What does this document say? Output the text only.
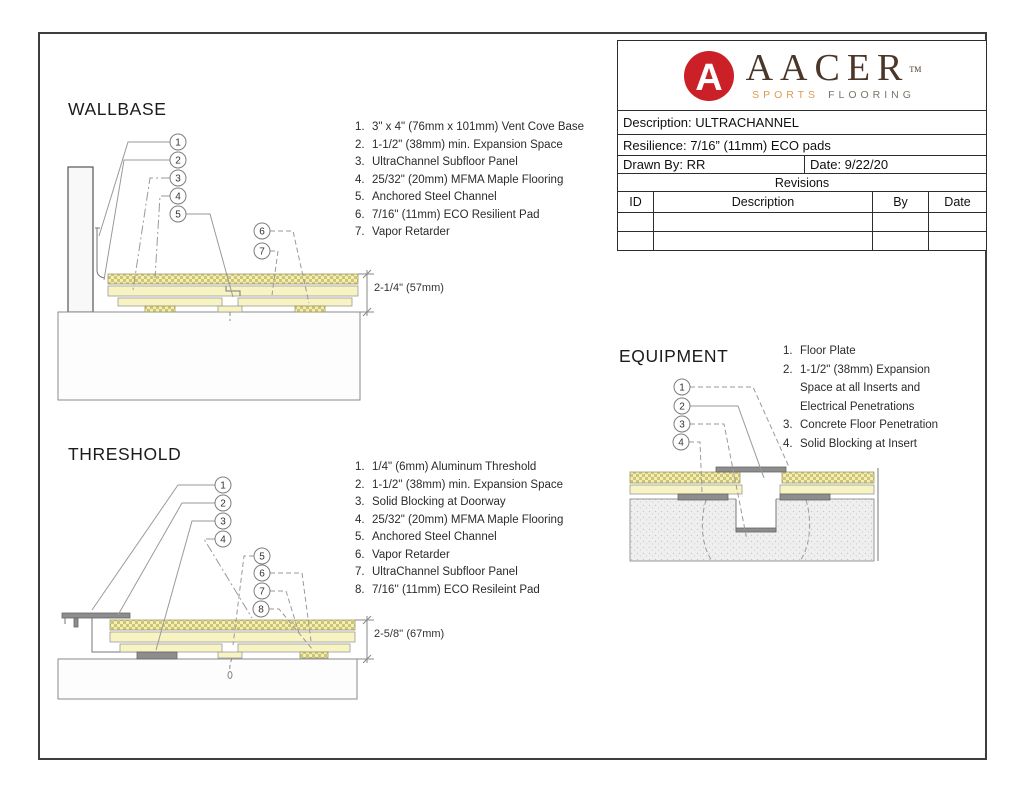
1
2
3
4
5
6
7
2-1/4" (57mm)
1
2
3
4
5
6
7
8
2-5/8'' (67mm)
1
2
3
4
WALLBASE
THRESHOLD
EQUIPMENT
1. 3" x 4" (76mm x 101mm) Vent Cove Base
2. 1-1/2" (38mm) min. Expansion Space
3. UltraChannel Subfloor Panel
4. 25/32" (20mm) MFMA Maple Flooring
5. Anchored Steel Channel
6. 7/16" (11mm) ECO Resilient Pad
7. Vapor Retarder
1. 1/4" (6mm) Aluminum Threshold
2. 1-1/2'' (38mm) min. Expansion Space
3. Solid Blocking at Doorway
4. 25/32" (20mm) MFMA Maple Flooring
5. Anchored Steel Channel
6. Vapor Retarder
7. UltraChannel Subfloor Panel
8. 7/16'' (11mm) ECO Resileint Pad
1. Floor Plate
2. 1-1/2" (38mm) Expansion
Space at all Inserts and
Electrical Penetrations
3. Concrete Floor Penetration
4. Solid Blocking at Insert
A AACER™
SPORTS FLOORING
Description: ULTRACHANNEL
Resilience: 7/16” (11mm) ECO pads
Drawn By: RR	Date: 9/22/20
Revisions
ID	Description	By	Date
